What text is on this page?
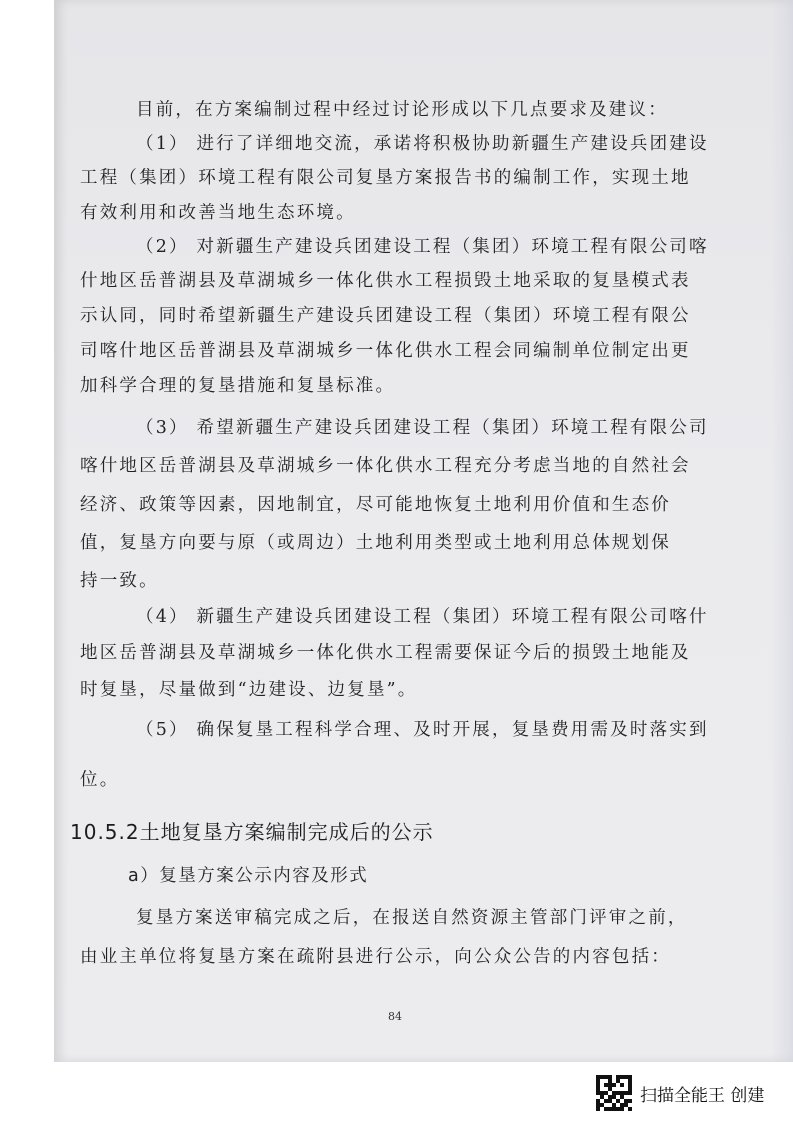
目前，在方案编制过程中经过讨论形成以下几点要求及建议：
（1） 进行了详细地交流，承诺将积极协助新疆生产建设兵团建设
工程（集团）环境工程有限公司复垦方案报告书的编制工作，实现土地
有效利用和改善当地生态环境。
（2） 对新疆生产建设兵团建设工程（集团）环境工程有限公司喀
什地区岳普湖县及草湖城乡一体化供水工程损毁土地采取的复垦模式表
示认同，同时希望新疆生产建设兵团建设工程（集团）环境工程有限公
司喀什地区岳普湖县及草湖城乡一体化供水工程会同编制单位制定出更
加科学合理的复垦措施和复垦标准。
（3） 希望新疆生产建设兵团建设工程（集团）环境工程有限公司
喀什地区岳普湖县及草湖城乡一体化供水工程充分考虑当地的自然社会
经济、政策等因素，因地制宜，尽可能地恢复土地利用价值和生态价
值，复垦方向要与原（或周边）土地利用类型或土地利用总体规划保
持一致。
（4） 新疆生产建设兵团建设工程（集团）环境工程有限公司喀什
地区岳普湖县及草湖城乡一体化供水工程需要保证今后的损毁土地能及
时复垦，尽量做到“边建设、边复垦”。
（5） 确保复垦工程科学合理、及时开展，复垦费用需及时落实到
位。
10.5.2土地复垦方案编制完成后的公示
a）复垦方案公示内容及形式
复垦方案送审稿完成之后，在报送自然资源主管部门评审之前，
由业主单位将复垦方案在疏附县进行公示，向公众公告的内容包括：
84
扫描全能王 创建
